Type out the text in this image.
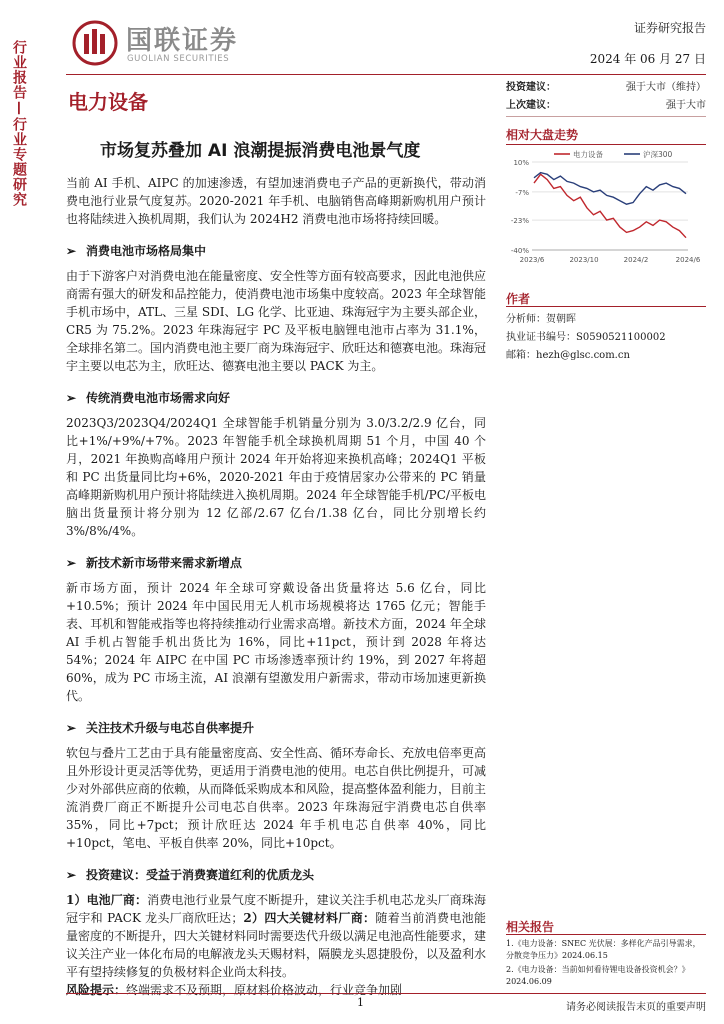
国联证券
GUOLIAN SECURITIES
证券研究报告
2024 年 06 月 27 日
行业报告
—
行业专题研究
电力设备
市场复苏叠加 AI 浪潮提振消费电池景气度
投资建议：	强于大市（维持）
上次建议：	强于大市
相对大盘走势
10%
-7%
-23%
-40%
2023/6	2023/10	2024/2	2024/6
电力设备	沪深300
作者
分析师：贺朝晖
执业证书编号：S0590521100002
邮箱：hezh@glsc.com.cn

当前 AI 手机、AIPC 的加速渗透，有望加速消费电子产品的更新换代，带动消费电池行业景气度复苏。2020-2021 年手机、电脑销售高峰期新购机用户预计也将陆续进入换机周期，我们认为 2024H2 消费电池市场将持续回暖。

➢ 消费电池市场格局集中

由于下游客户对消费电池在能量密度、安全性等方面有较高要求，因此电池供应商需有强大的研发和品控能力，使消费电池市场集中度较高。2023 年全球智能手机市场中，ATL、三星 SDI、LG 化学、比亚迪、珠海冠宇为主要头部企业，CR5 为 75.2%。2023 年珠海冠宇 PC 及平板电脑锂电池市占率为 31.1%，全球排名第二。国内消费电池主要厂商为珠海冠宇、欣旺达和德赛电池。珠海冠宇主要以电芯为主，欣旺达、德赛电池主要以 PACK 为主。

➢ 传统消费电池市场需求向好

2023Q3/2023Q4/2024Q1 全球智能手机销量分别为 3.0/3.2/2.9 亿台，同比+1%/+9%/+7%。2023 年智能手机全球换机周期 51 个月，中国 40 个月，2021 年换购高峰用户预计 2024 年开始将迎来换机高峰；2024Q1 平板和 PC 出货量同比均+6%，2020-2021 年由于疫情居家办公带来的 PC 销量高峰期新购机用户预计将陆续进入换机周期。2024 年全球智能手机/PC/平板电脑出货量预计将分别为 12 亿部/2.67 亿台/1.38 亿台，同比分别增长约 3%/8%/4%。

➢ 新技术新市场带来需求新增点

新市场方面，预计 2024 年全球可穿戴设备出货量将达 5.6 亿台，同比+10.5%；预计 2024 年中国民用无人机市场规模将达 1765 亿元；智能手表、耳机和智能戒指等也将持续推动行业需求高增。新技术方面，2024 年全球 AI 手机占智能手机出货比为 16%，同比+11pct，预计到 2028 年将达 54%；2024 年 AIPC 在中国 PC 市场渗透率预计约 19%，到 2027 年将超 60%，成为 PC 市场主流，AI 浪潮有望激发用户新需求，带动市场加速更新换代。

➢ 关注技术升级与电芯自供率提升

软包与叠片工艺由于具有能量密度高、安全性高、循环寿命长、充放电倍率更高且外形设计更灵活等优势，更适用于消费电池的使用。电芯自供比例提升，可减少对外部供应商的依赖，从而降低采购成本和风险，提高整体盈利能力，目前主流消费厂商正不断提升公司电芯自供率。2023 年珠海冠宇消费电芯自供率 35%，同比+7pct；预计欣旺达 2024 年手机电芯自供率 40%，同比+10pct，笔电、平板自供率 20%，同比+10pct。

➢ 投资建议：受益于消费赛道红利的优质龙头

1）电池厂商：消费电池行业景气度不断提升，建议关注手机电芯龙头厂商珠海冠宇和 PACK 龙头厂商欣旺达；2）四大关键材料厂商：随着当前消费电池能量密度的不断提升，四大关键材料同时需要迭代升级以满足电池高性能要求，建议关注产业一体化布局的电解液龙头天赐材料，隔膜龙头恩捷股份，以及盈利水平有望持续修复的负极材料企业尚太科技。

风险提示：终端需求不及预期，原材料价格波动，行业竞争加剧

相关报告
1.《电力设备：SNEC 光伏展：多样化产品引导需求，分散竞争压力》2024.06.15
2.《电力设备：当前如何看待锂电设备投资机会？》2024.06.09
1	请务必阅读报告末页的重要声明
